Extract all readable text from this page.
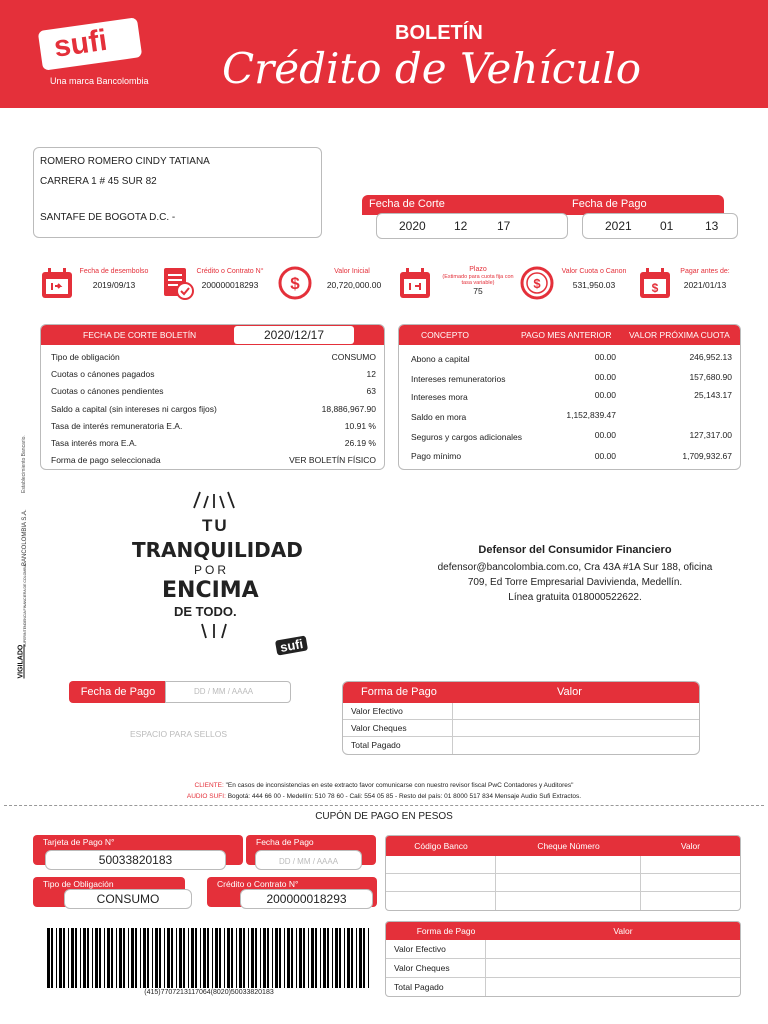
sufi
Una marca Bancolombia
BOLETÍN
Crédito de Vehículo
ROMERO ROMERO CINDY TATIANA
CARRERA 1 # 45 SUR 82
SANTAFE DE BOGOTA D.C. -
Fecha de Corte	Fecha de Pago
2020 12 17	2021 01	13
Fecha de desembolso
2019/09/13
Crédito o Contrato N°
200000018293	$
Valor Inicial
20,720,000.00
Plazo
(Estimado para cuota fija con tasa variable)
75	$
Valor Cuota o Canon
531,950.03	$
Pagar antes de:
2021/01/13
FECHA DE CORTE BOLETÍN	2020/12/17
Tipo de obligación	CONSUMO
Cuotas o cánones pagados	12
Cuotas o cánones pendientes	63
Saldo a capital (sin intereses ni cargos fijos)	18,886,967.90
Tasa de interés remuneratoria E.A.	10.91 %
Tasa interés mora E.A.	26.19 %
Forma de pago seleccionada	VER BOLETÍN FÍSICO
CONCEPTO	PAGO MES ANTERIOR VALOR PRÓXIMA CUOTA
Abono a capital	00.00	246,952.13
Intereses remuneratorios	00.00	157,680.90
Intereses mora	00.00	25,143.17
Saldo en mora	1,152,839.47
Seguros y cargos adicionales	00.00	127,317.00
Pago mínimo	00.00	1,709,932.67
Establecimiento Bancario.
BANCOLOMBIA S.A.
SUPERINTENDENCIA FINANCIERA DE COLOMBIA
VIGILADO
TU
TRANQUILIDAD
POR
ENCIMA
DE TODO.
sufi
Defensor del Consumidor Financiero
defensor@bancolombia.com.co, Cra 43A #1A Sur 188, oficina
709, Ed Torre Empresarial Davivienda, Medellín.
Línea gratuita 018000522622.
Fecha de Pago	DD / MM / AAAA
ESPACIO PARA SELLOS
Forma de Pago	Valor
Valor Efectivo
Valor Cheques
Total Pagado
CLIENTE: "En casos de inconsistencias en este extracto favor comunicarse con nuestro revisor fiscal PwC Contadores y Auditores"
AUDIO SUFI: Bogotá: 444 66 00 - Medellín: 510 78 60 - Cali: 554 05 85 - Resto del país: 01 8000 517 834 Mensaje Audio Sufi Extractos.
CUPÓN DE PAGO EN PESOS
Tarjeta de Pago N°
50033820183
Fecha de Pago
DD / MM / AAAA
Tipo de Obligación
CONSUMO
Crédito o Contrato N°
200000018293
Código Banco	Cheque Número	Valor
Forma de Pago	Valor
Valor Efectivo
Valor Cheques
Total Pagado
(415)7707213117064(8020)50033820183
